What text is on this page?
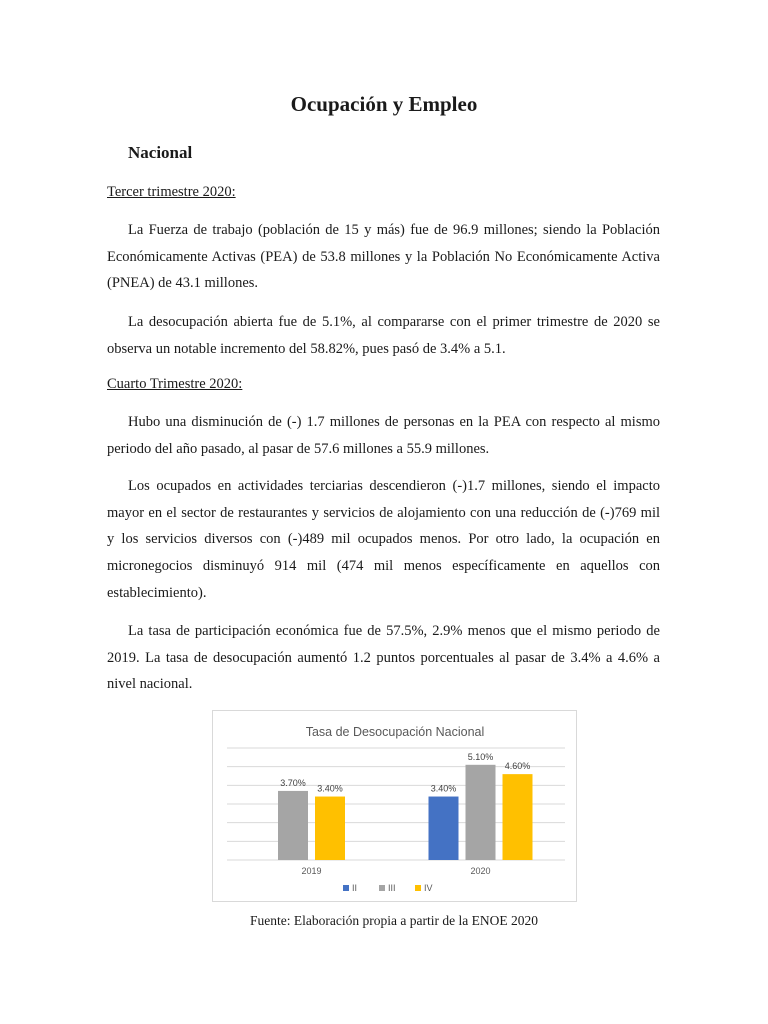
Ocupación y Empleo
Nacional
Tercer trimestre 2020:

La Fuerza de trabajo (población de 15 y más) fue de 96.9 millones; siendo la Población Económicamente Activas (PEA) de 53.8 millones y la Población No Económicamente Activa (PNEA) de 43.1 millones.

La desocupación abierta fue de 5.1%, al compararse con el primer trimestre de 2020 se observa un notable incremento del 58.82%, pues pasó de 3.4% a 5.1.

Cuarto Trimestre 2020:

Hubo una disminución de (-) 1.7 millones de personas en la PEA con respecto al mismo periodo del año pasado, al pasar de 57.6 millones a 55.9 millones.

Los ocupados en actividades terciarias descendieron (-)1.7 millones, siendo el impacto mayor en el sector de restaurantes y servicios de alojamiento con una reducción de (-)769 mil y los servicios diversos con (-)489 mil ocupados menos. Por otro lado, la ocupación en micronegocios disminuyó 914 mil (474 mil menos específicamente en aquellos con establecimiento).

La tasa de participación económica fue de 57.5%, 2.9% menos que el mismo periodo de 2019. La tasa de desocupación aumentó 1.2 puntos porcentuales al pasar de 3.4% a 4.6% a nivel nacional.

Tasa de Desocupación Nacional
3.70%
3.40%
2019
3.40%
5.10%
4.60%
2020
II	III	IV
Fuente: Elaboración propia a partir de la ENOE 2020
